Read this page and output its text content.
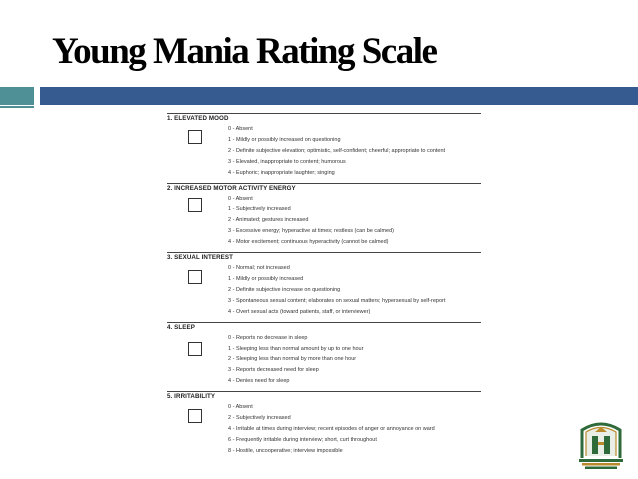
Young Mania Rating Scale
1. ELEVATED MOOD
0 - Absent
1 - Mildly or possibly increased on questioning
2 - Definite subjective elevation; optimistic, self-confident; cheerful; appropriate to content
3 - Elevated, inappropriate to content; humorous
4 - Euphoric; inappropriate laughter; singing
2. INCREASED MOTOR ACTIVITY ENERGY
0 - Absent
1 - Subjectively increased
2 - Animated; gestures increased
3 - Excessive energy; hyperactive at times; restless (can be calmed)
4 - Motor excitement; continuous hyperactivity (cannot be calmed)
3. SEXUAL INTEREST
0 - Normal; not increased
1 - Mildly or possibly increased
2 - Definite subjective increase on questioning
3 - Spontaneous sexual content; elaborates on sexual matters; hypersexual by self-report
4 - Overt sexual acts (toward patients, staff, or interviewer)
4. SLEEP
0 - Reports no decrease in sleep
1 - Sleeping less than normal amount by up to one hour
2 - Sleeping less than normal by more than one hour
3 - Reports decreased need for sleep
4 - Denies need for sleep
5. IRRITABILITY
0 - Absent
2 - Subjectively increased
4 - Irritable at times during interview; recent episodes of anger or annoyance on ward
6 - Frequently irritable during interview; short, curt throughout
8 - Hostile, uncooperative; interview impossible
